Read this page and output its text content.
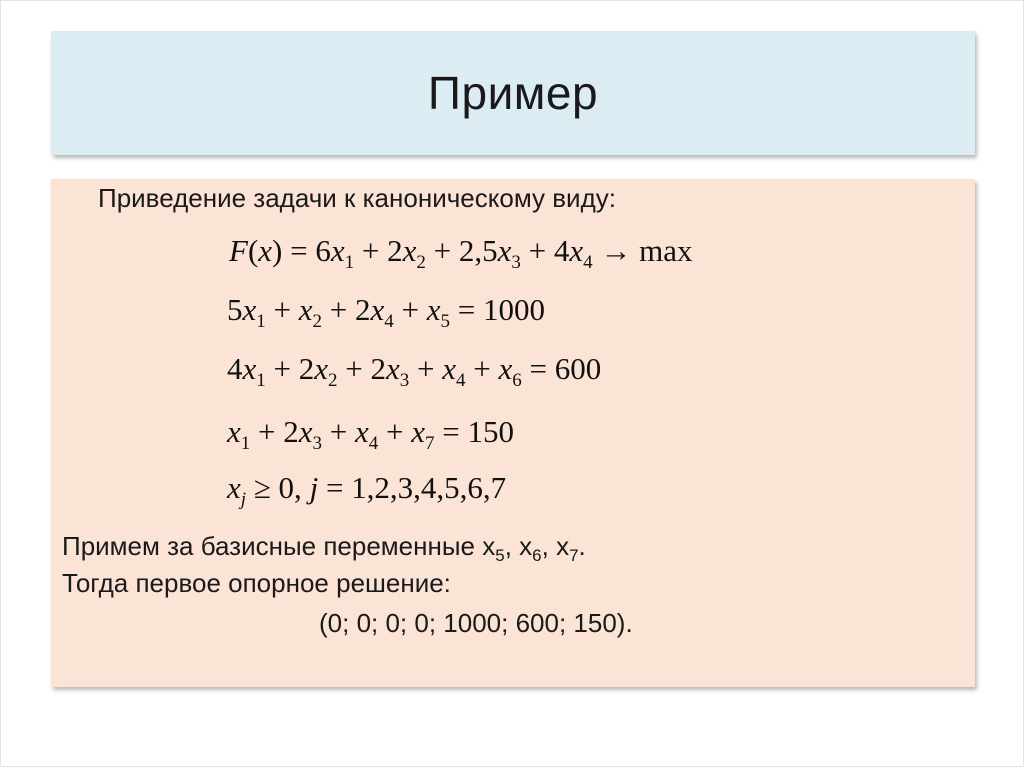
Пример
Приведение задачи к каноническому виду:
$F(x) = 6x_1 + 2x_2 + 2,5x_3 + 4x_4 \to \max$
$5x_1 + x_2 + 2x_4 + x_5 = 1000$
$4x_1 + 2x_2 + 2x_3 + x_4 + x_6 = 600$
$x_1 + 2x_3 + x_4 + x_7 = 150$
$x_j \ge 0$, j = 1,2,3,4,5,6,7
Примем за базисные переменные $x_5$, $x_6$, $x_7$.
Тогда первое опорное решение:
(0; 0; 0; 0; 1000; 600; 150).
